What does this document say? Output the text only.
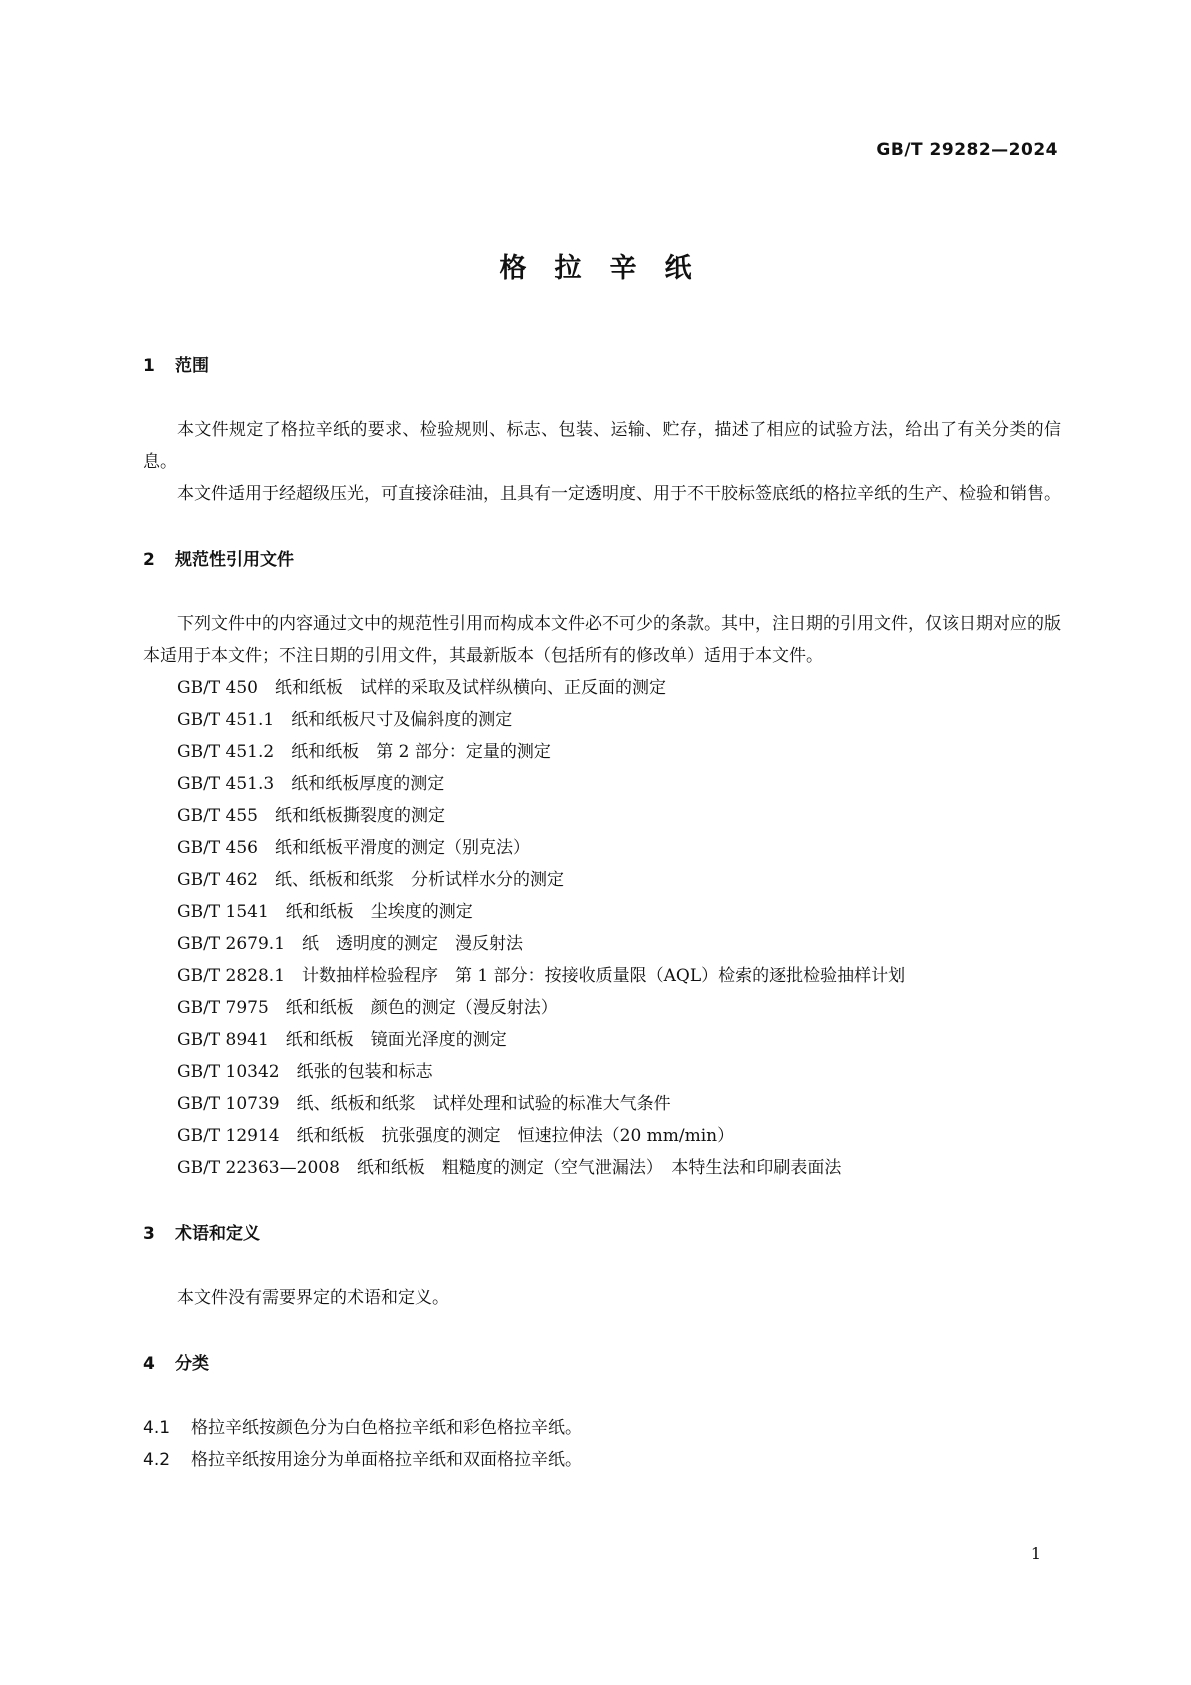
GB/T 29282—2024
格拉辛纸
1	范围

本文件规定了格拉辛纸的要求、检验规则、标志、包装、运输、贮存，描述了相应的试验方法，给出了有关分类的信息。

本文件适用于经超级压光，可直接涂硅油，且具有一定透明度、用于不干胶标签底纸的格拉辛纸的生产、检验和销售。

2	规范性引用文件

下列文件中的内容通过文中的规范性引用而构成本文件必不可少的条款。其中，注日期的引用文件，仅该日期对应的版本适用于本文件；不注日期的引用文件，其最新版本（包括所有的修改单）适用于本文件。

GB/T 450　纸和纸板　试样的采取及试样纵横向、正反面的测定
GB/T 451.1　纸和纸板尺寸及偏斜度的测定
GB/T 451.2　纸和纸板　第 2 部分：定量的测定
GB/T 451.3　纸和纸板厚度的测定
GB/T 455　纸和纸板撕裂度的测定
GB/T 456　纸和纸板平滑度的测定（别克法）
GB/T 462　纸、纸板和纸浆　分析试样水分的测定
GB/T 1541　纸和纸板　尘埃度的测定
GB/T 2679.1　纸　透明度的测定　漫反射法
GB/T 2828.1　计数抽样检验程序　第 1 部分：按接收质量限（AQL）检索的逐批检验抽样计划
GB/T 7975　纸和纸板　颜色的测定（漫反射法）
GB/T 8941　纸和纸板　镜面光泽度的测定
GB/T 10342　纸张的包装和标志
GB/T 10739　纸、纸板和纸浆　试样处理和试验的标准大气条件
GB/T 12914　纸和纸板　抗张强度的测定　恒速拉伸法（20 mm/min）
GB/T 22363—2008　纸和纸板　粗糙度的测定（空气泄漏法）　本特生法和印刷表面法
3	术语和定义

本文件没有需要界定的术语和定义。

4	分类
4.1	格拉辛纸按颜色分为白色格拉辛纸和彩色格拉辛纸。
4.2	格拉辛纸按用途分为单面格拉辛纸和双面格拉辛纸。
1
